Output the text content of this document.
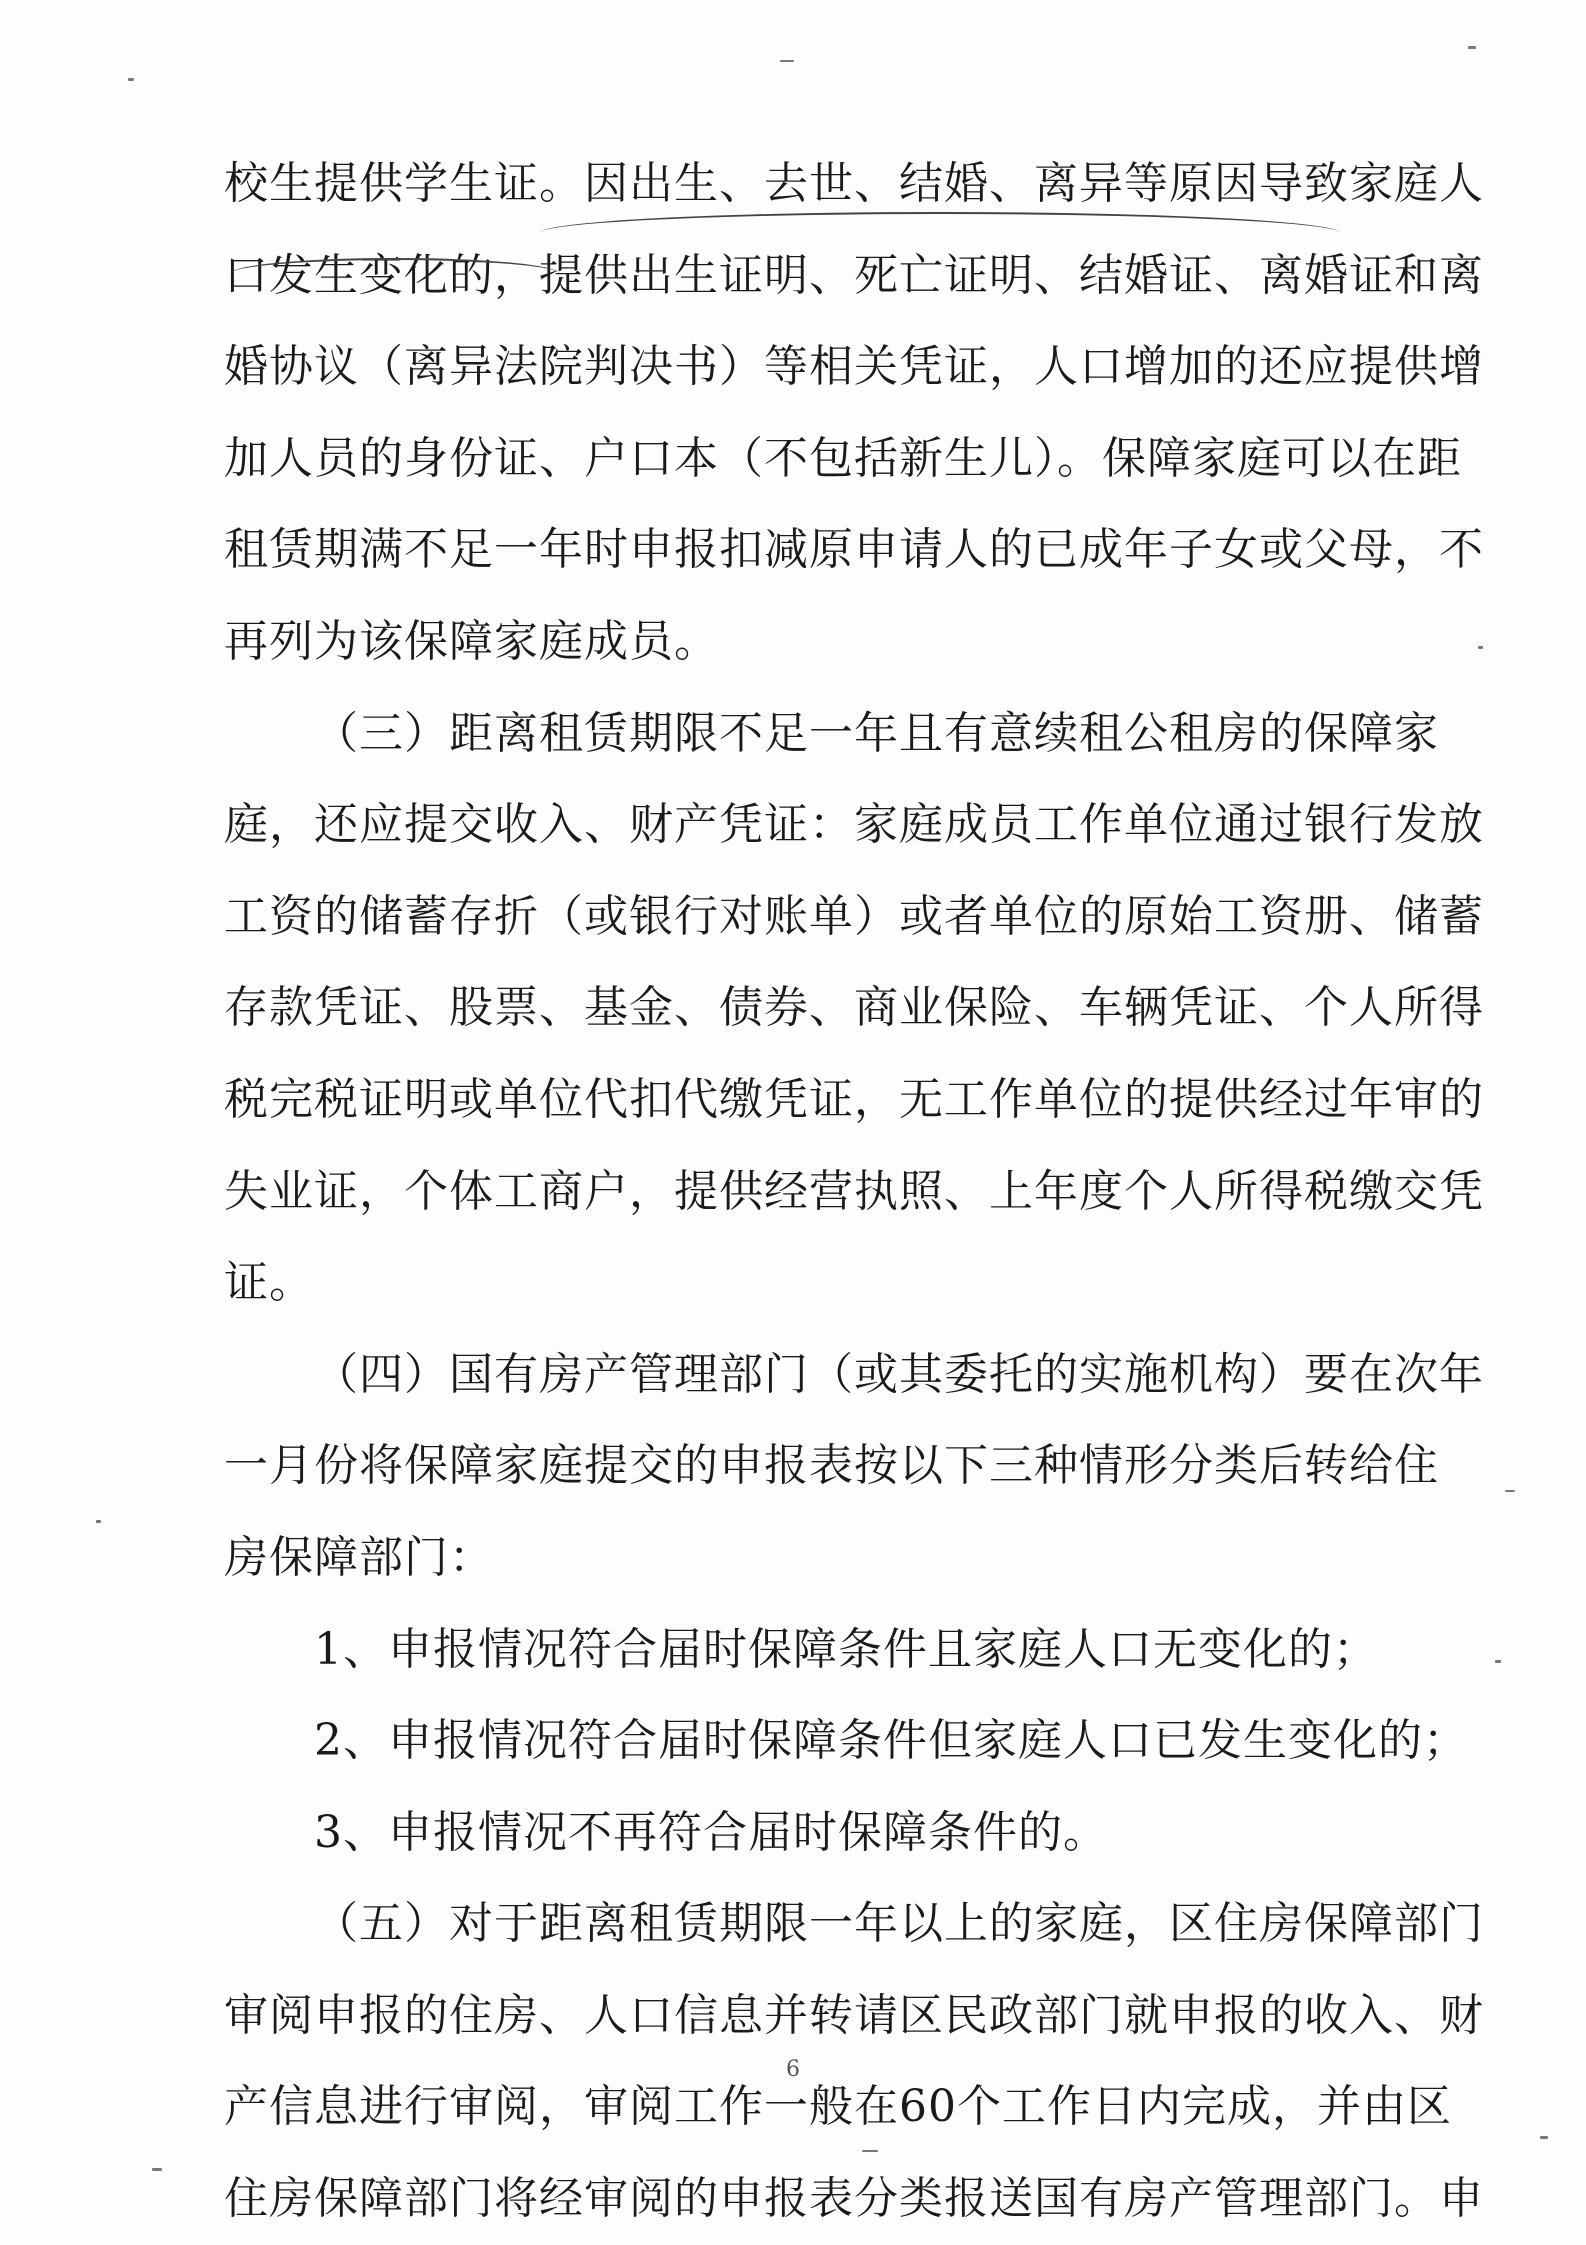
校生提供学生证。因出生、去世、结婚、离异等原因导致家庭人
口发生变化的，提供出生证明、死亡证明、结婚证、离婚证和离
婚协议（离异法院判决书）等相关凭证，人口增加的还应提供增
加人员的身份证、户口本（不包括新生儿）。保障家庭可以在距
租赁期满不足一年时申报扣减原申请人的已成年子女或父母，不
再列为该保障家庭成员。
（三）距离租赁期限不足一年且有意续租公租房的保障家
庭，还应提交收入、财产凭证：家庭成员工作单位通过银行发放
工资的储蓄存折（或银行对账单）或者单位的原始工资册、储蓄
存款凭证、股票、基金、债券、商业保险、车辆凭证、个人所得
税完税证明或单位代扣代缴凭证，无工作单位的提供经过年审的
失业证，个体工商户，提供经营执照、上年度个人所得税缴交凭
证。
（四）国有房产管理部门（或其委托的实施机构）要在次年
一月份将保障家庭提交的申报表按以下三种情形分类后转给住
房保障部门：
1、申报情况符合届时保障条件且家庭人口无变化的；
2、申报情况符合届时保障条件但家庭人口已发生变化的；
3、申报情况不再符合届时保障条件的。
（五）对于距离租赁期限一年以上的家庭，区住房保障部门
审阅申报的住房、人口信息并转请区民政部门就申报的收入、财
产信息进行审阅，审阅工作一般在60个工作日内完成，并由区
住房保障部门将经审阅的申报表分类报送国有房产管理部门。申
6
